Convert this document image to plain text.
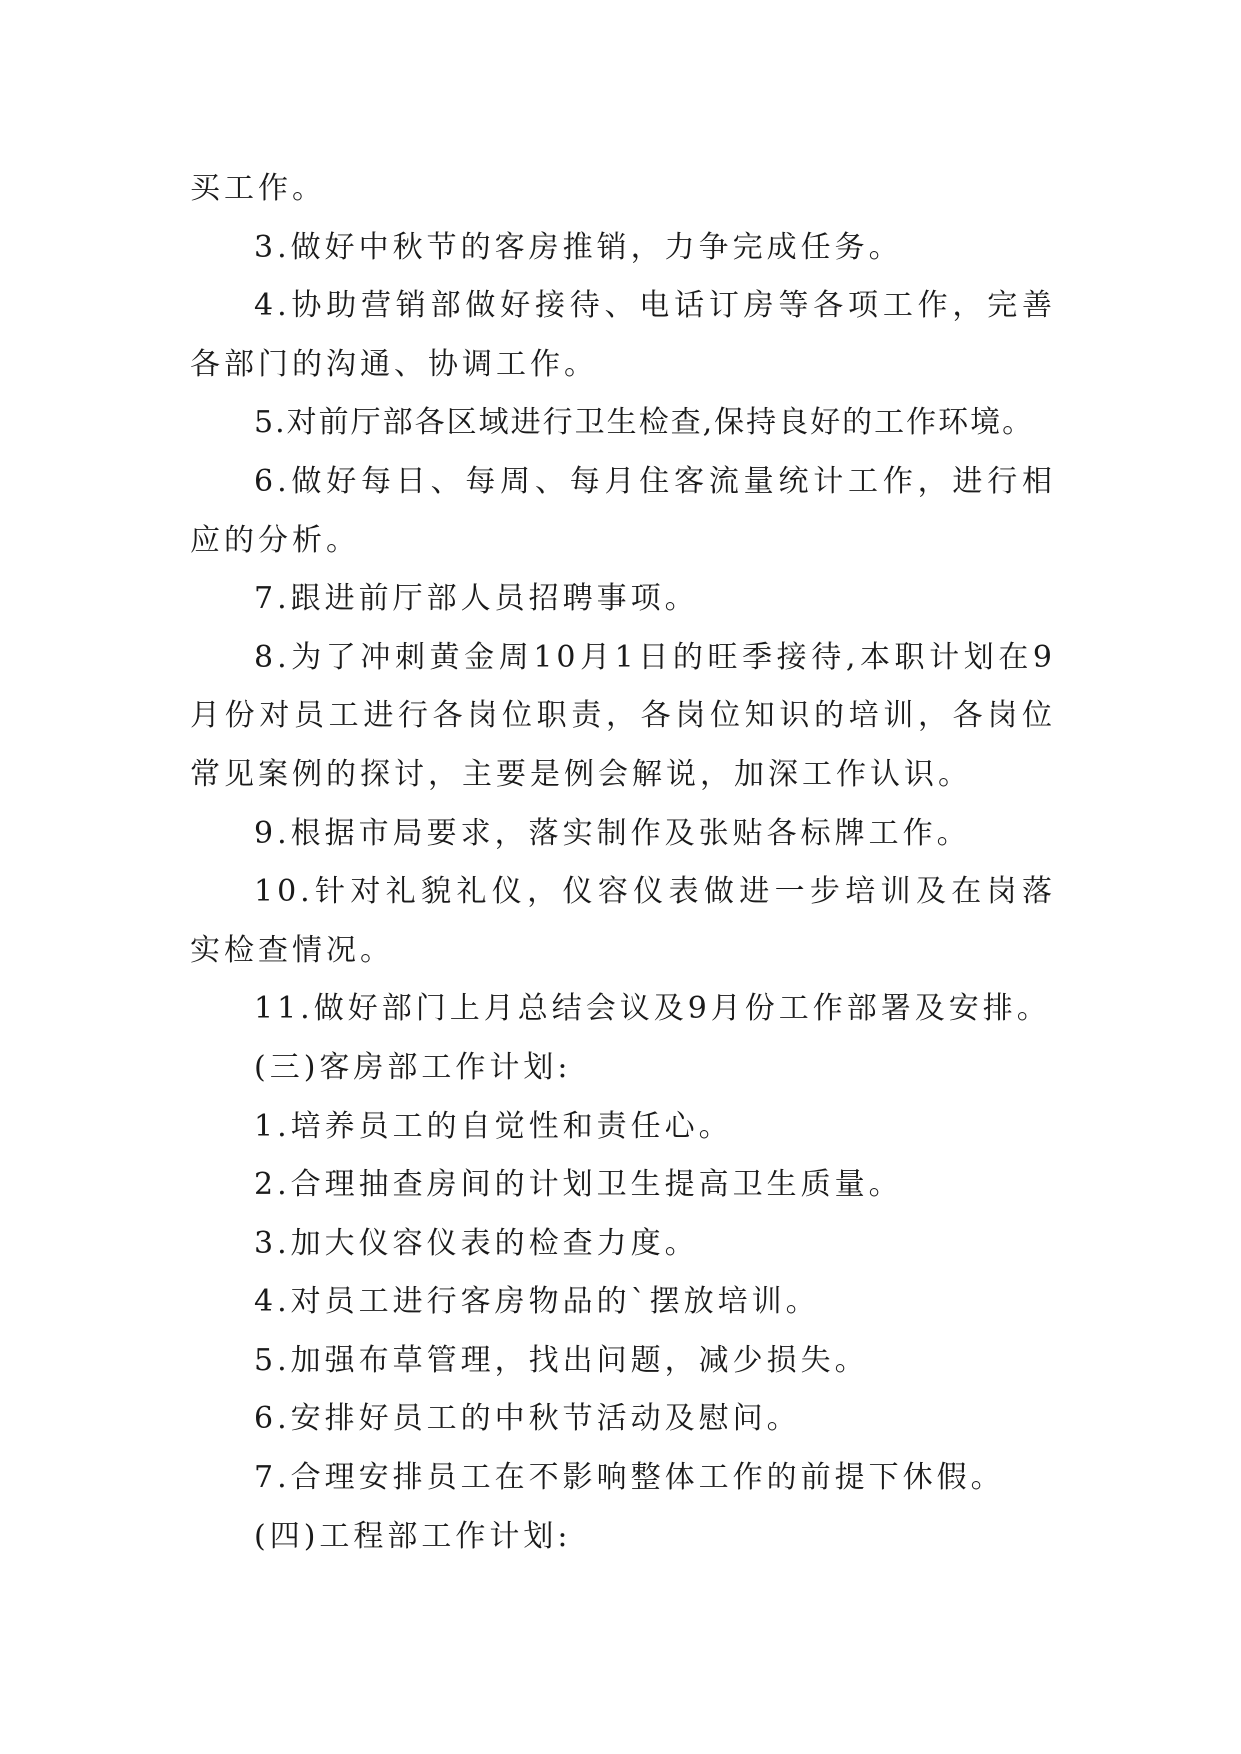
买工作。

3.做好中秋节的客房推销，力争完成任务。

4.协助营销部做好接待、电话订房等各项工作，完善各部门的沟通、协调工作。

5.对前厅部各区域进行卫生检查,保持良好的工作环境。

6.做好每日、每周、每月住客流量统计工作，进行相应的分析。

7.跟进前厅部人员招聘事项。

8.为了冲刺黄金周10月1日的旺季接待,本职计划在9月份对员工进行各岗位职责，各岗位知识的培训，各岗位常见案例的探讨，主要是例会解说，加深工作认识。

9.根据市局要求，落实制作及张贴各标牌工作。

10.针对礼貌礼仪，仪容仪表做进一步培训及在岗落实检查情况。

11.做好部门上月总结会议及9月份工作部署及安排。

(三)客房部工作计划:

1.培养员工的自觉性和责任心。

2.合理抽查房间的计划卫生提高卫生质量。

3.加大仪容仪表的检查力度。

4.对员工进行客房物品的`摆放培训。

5.加强布草管理，找出问题，减少损失。

6.安排好员工的中秋节活动及慰问。

7.合理安排员工在不影响整体工作的前提下休假。

(四)工程部工作计划:
